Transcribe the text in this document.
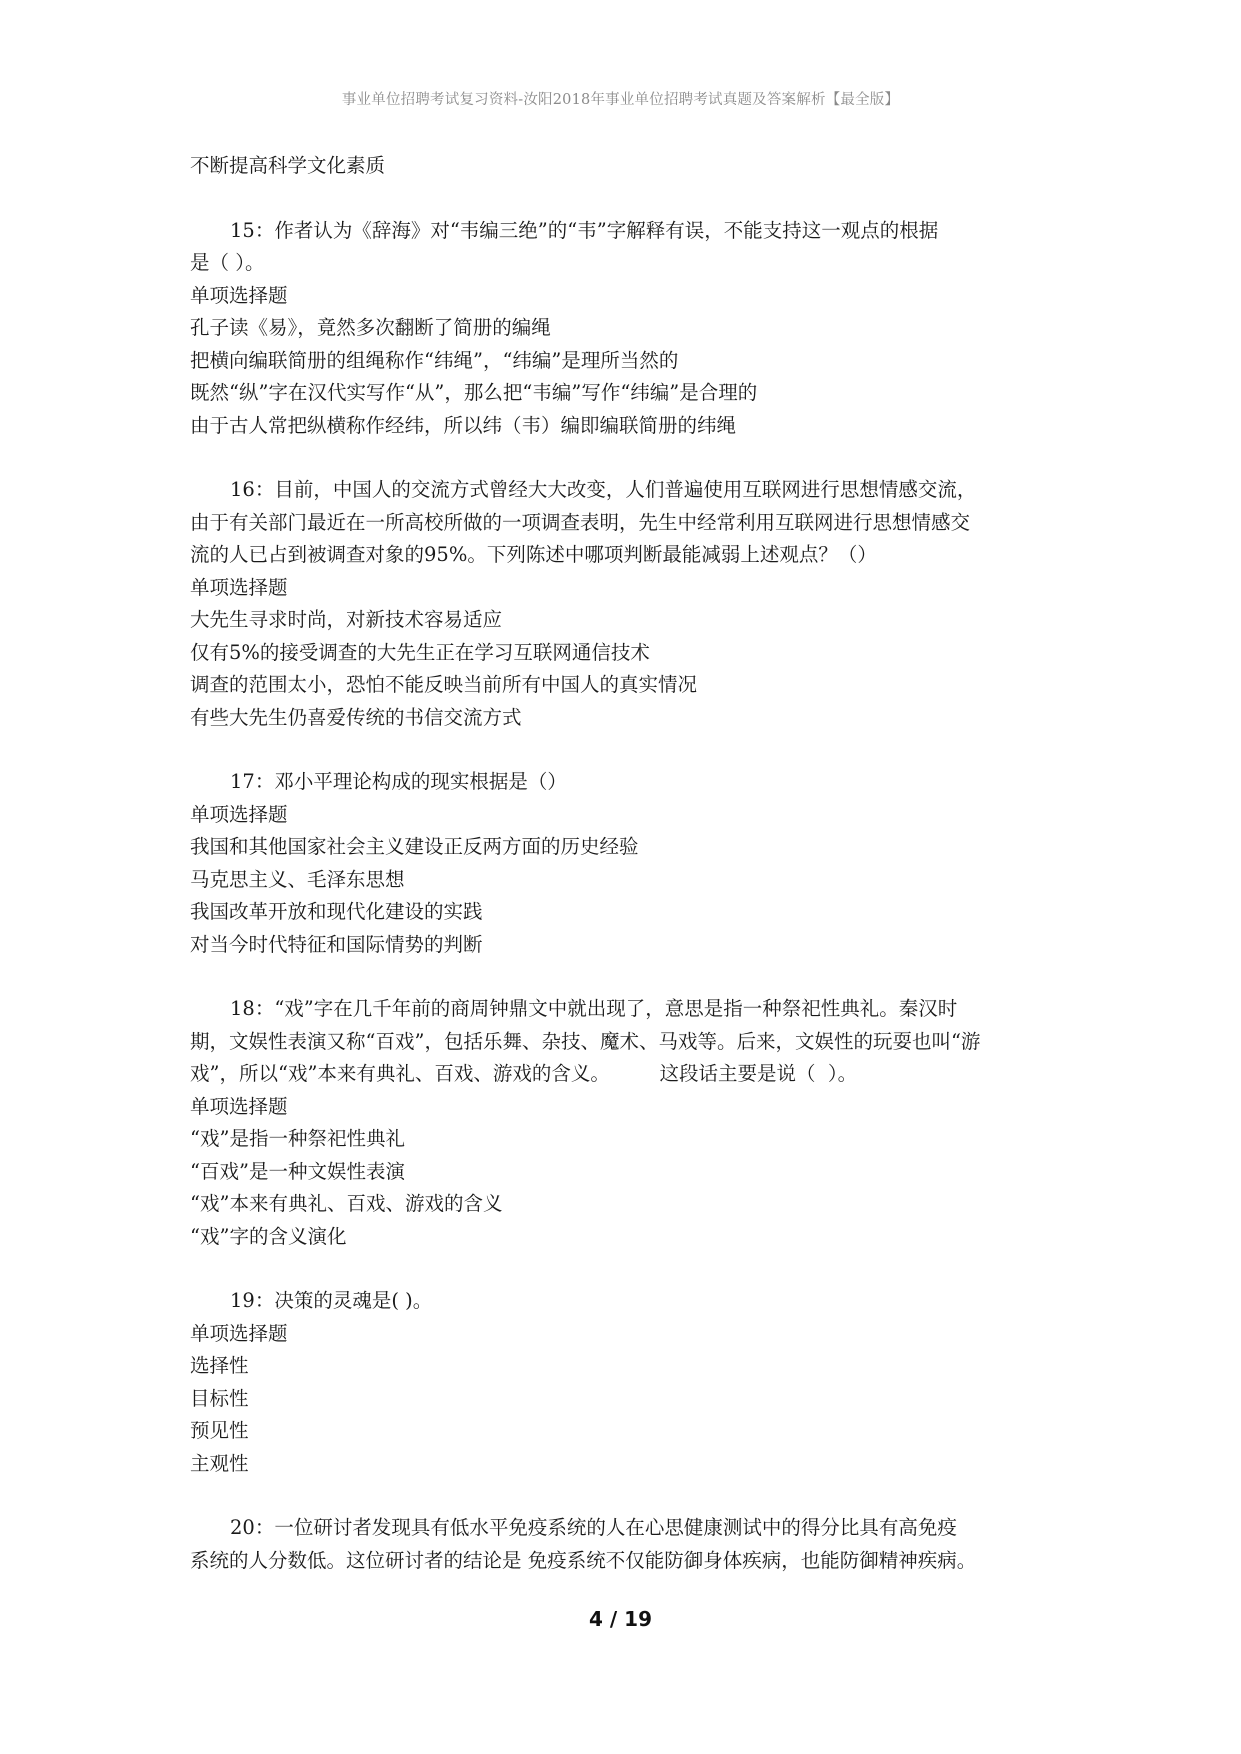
事业单位招聘考试复习资料-汝阳2018年事业单位招聘考试真题及答案解析【最全版】
不断提高科学文化素质
15：作者认为《辞海》对“韦编三绝”的“韦”字解释有误，不能支持这一观点的根据
是（ ）。
单项选择题
孔子读《易》，竟然多次翻断了简册的编绳
把横向编联简册的组绳称作“纬绳”，“纬编”是理所当然的
既然“纵”字在汉代实写作“从”，那么把“韦编”写作“纬编”是合理的
由于古人常把纵横称作经纬，所以纬（韦）编即编联简册的纬绳
16：目前，中国人的交流方式曾经大大改变，人们普遍使用互联网进行思想情感交流，
由于有关部门最近在一所高校所做的一项调查表明，先生中经常利用互联网进行思想情感交
流的人已占到被调查对象的95%。下列陈述中哪项判断最能减弱上述观点？（）
单项选择题
大先生寻求时尚，对新技术容易适应
仅有5%的接受调查的大先生正在学习互联网通信技术
调查的范围太小，恐怕不能反映当前所有中国人的真实情况
有些大先生仍喜爱传统的书信交流方式
17：邓小平理论构成的现实根据是（）
单项选择题
我国和其他国家社会主义建设正反两方面的历史经验
马克思主义、毛泽东思想
我国改革开放和现代化建设的实践
对当今时代特征和国际情势的判断
18：“戏”字在几千年前的商周钟鼎文中就出现了，意思是指一种祭祀性典礼。秦汉时
期，文娱性表演又称“百戏”，包括乐舞、杂技、魔术、马戏等。后来，文娱性的玩耍也叫“游
戏”，所以“戏”本来有典礼、百戏、游戏的含义。        这段话主要是说（  ）。
单项选择题
“戏”是指一种祭祀性典礼
“百戏”是一种文娱性表演
“戏”本来有典礼、百戏、游戏的含义
“戏”字的含义演化
19：决策的灵魂是( )。
单项选择题
选择性
目标性
预见性
主观性
20：一位研讨者发现具有低水平免疫系统的人在心思健康测试中的得分比具有高免疫
系统的人分数低。这位研讨者的结论是 免疫系统不仅能防御身体疾病，也能防御精神疾病。
4 / 19
